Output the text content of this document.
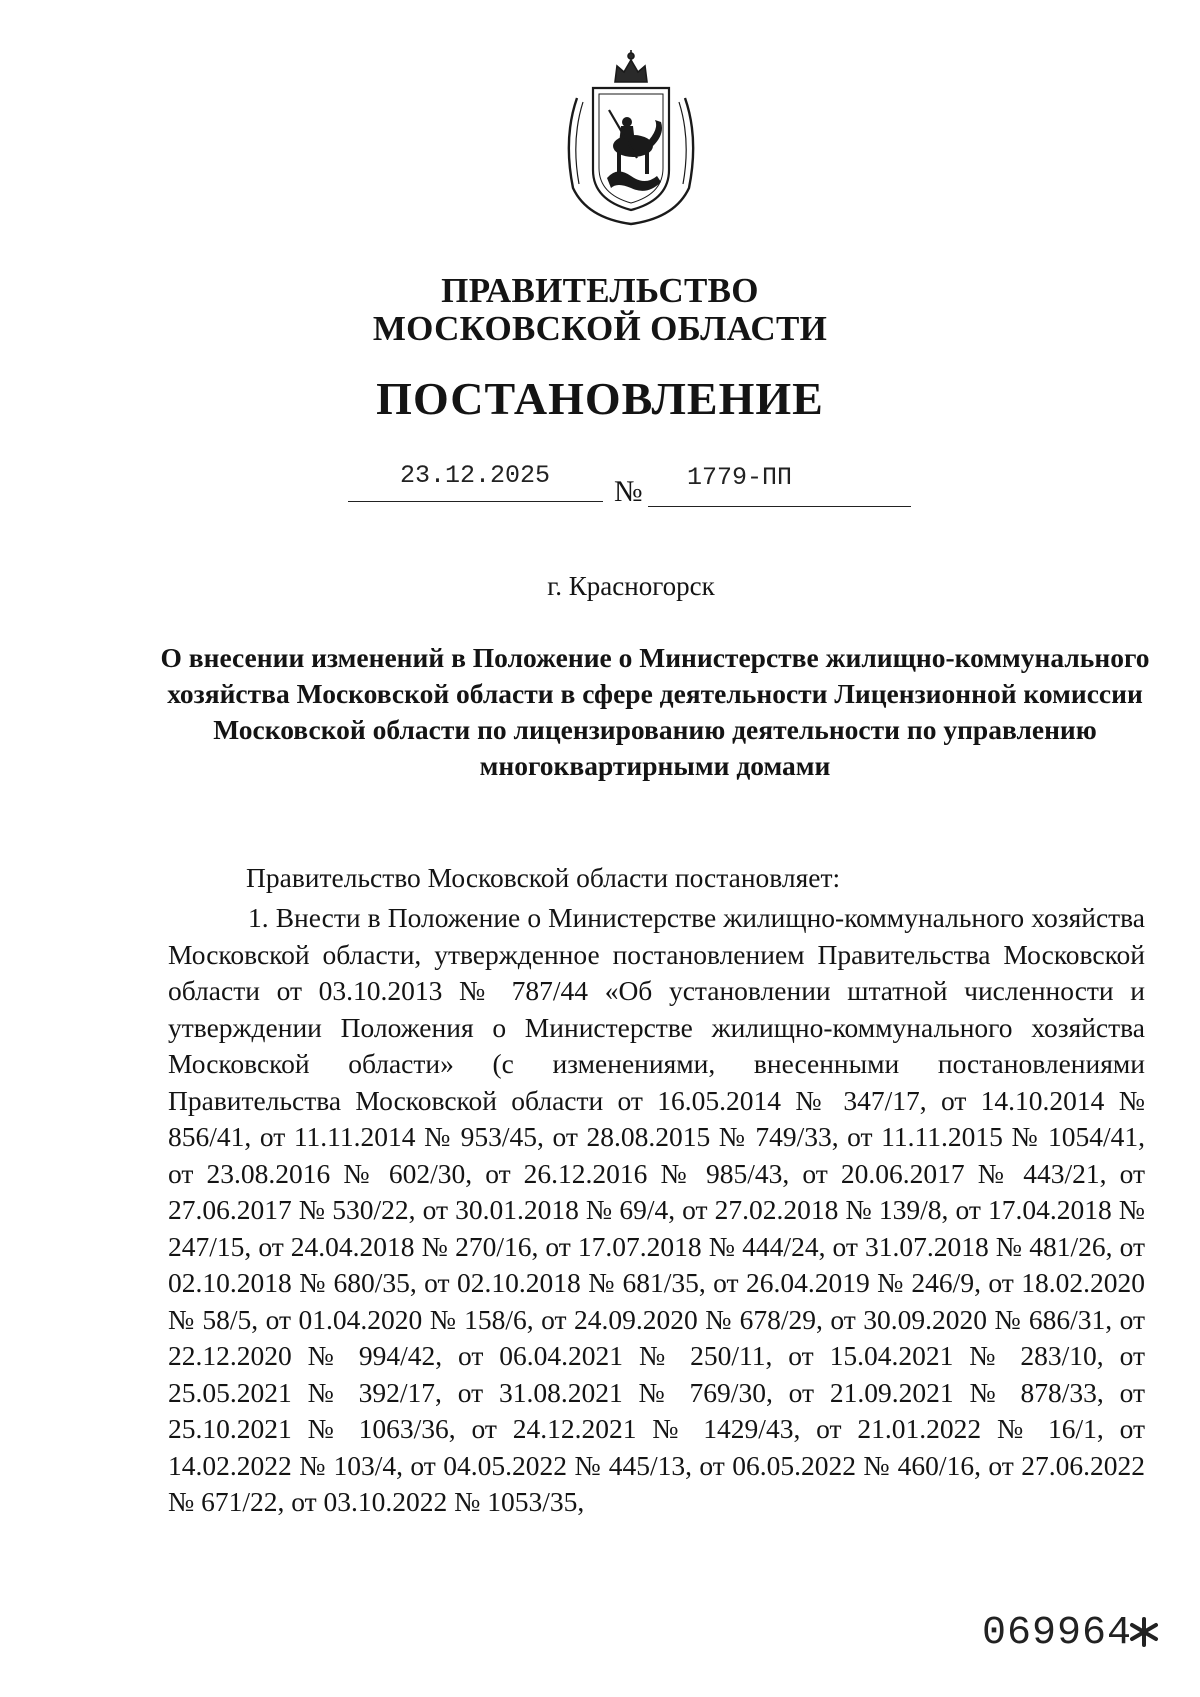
ПРАВИТЕЛЬСТВО
МОСКОВСКОЙ ОБЛАСТИ
ПОСТАНОВЛЕНИЕ
23.12.2025 № 1779-ПП
г. Красногорск
О внесении изменений в Положение о Министерстве жилищно-коммунального хозяйства Московской области в сфере деятельности Лицензионной комиссии Московской области по лицензированию деятельности по управлению многоквартирными домами
Правительство Московской области постановляет:
1. Внести в Положение о Министерстве жилищно-коммунального хозяйства Московской области, утвержденное постановлением Правительства Московской области от 03.10.2013 № 787/44 «Об установлении штатной численности и утверждении Положения о Министерстве жилищно-коммунального хозяйства Московской области» (с изменениями, внесенными постановлениями Правительства Московской области от 16.05.2014 № 347/17, от 14.10.2014 № 856/41, от 11.11.2014 № 953/45, от 28.08.2015 № 749/33, от 11.11.2015 № 1054/41, от 23.08.2016 № 602/30, от 26.12.2016 № 985/43, от 20.06.2017 № 443/21, от 27.06.2017 № 530/22, от 30.01.2018 № 69/4, от 27.02.2018 № 139/8, от 17.04.2018 № 247/15, от 24.04.2018 № 270/16, от 17.07.2018 № 444/24, от 31.07.2018 № 481/26, от 02.10.2018 № 680/35, от 02.10.2018 № 681/35, от 26.04.2019 № 246/9, от 18.02.2020 № 58/5, от 01.04.2020 № 158/6, от 24.09.2020 № 678/29, от 30.09.2020 № 686/31, от 22.12.2020 № 994/42, от 06.04.2021 № 250/11, от 15.04.2021 № 283/10, от 25.05.2021 № 392/17, от 31.08.2021 № 769/30, от 21.09.2021 № 878/33, от 25.10.2021 № 1063/36, от 24.12.2021 № 1429/43, от 21.01.2022 № 16/1, от 14.02.2022 № 103/4, от 04.05.2022 № 445/13, от 06.05.2022 № 460/16, от 27.06.2022 № 671/22, от 03.10.2022 № 1053/35,
069964
